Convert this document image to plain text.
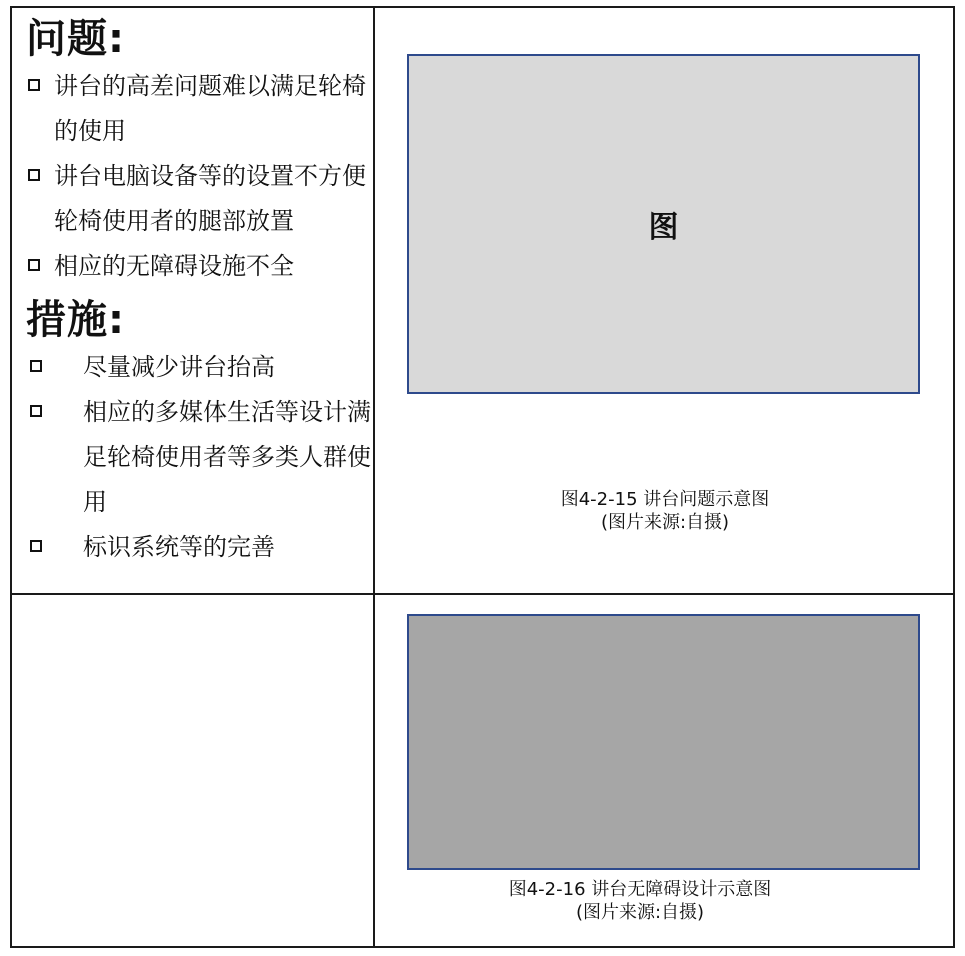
问题:
讲台的高差问题难以满足轮椅的使用
讲台电脑设备等的设置不方便轮椅使用者的腿部放置
相应的无障碍设施不全
措施:
尽量减少讲台抬高
相应的多媒体生活等设计满足轮椅使用者等多类人群使用
标识系统等的完善
图
图4-2-15 讲台问题示意图
(图片来源:自摄)
图4-2-16 讲台无障碍设计示意图
(图片来源:自摄)
